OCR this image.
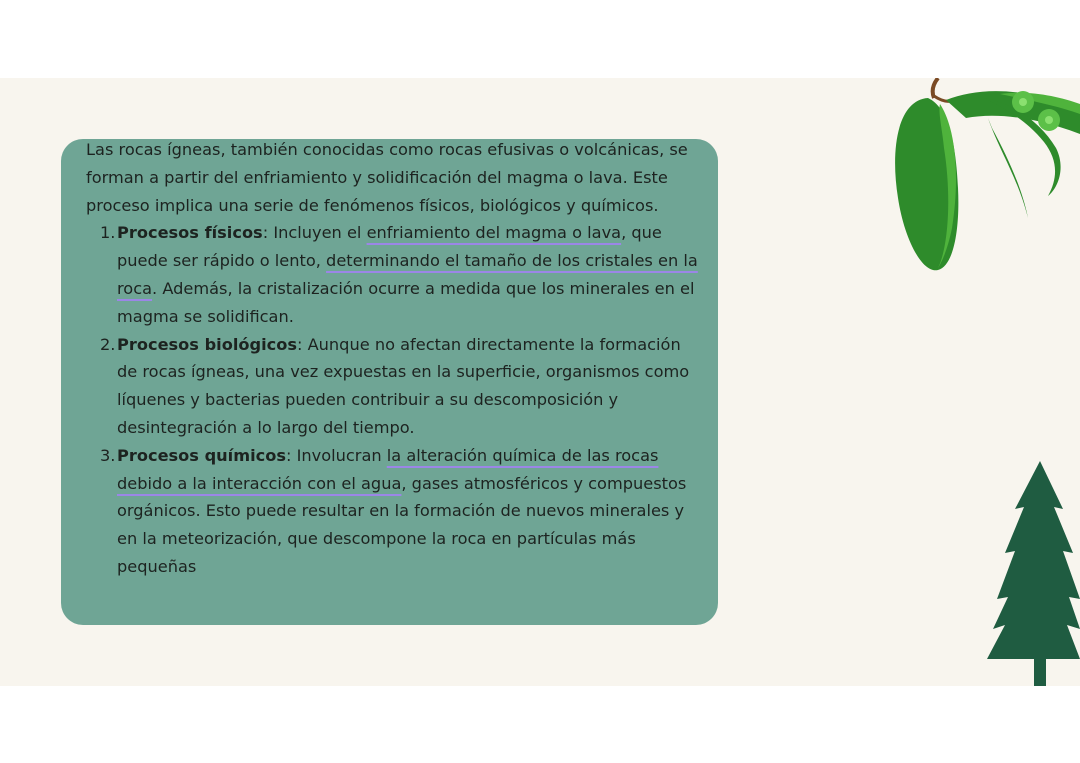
Las rocas ígneas, también conocidas como rocas efusivas o volcánicas, se forman a partir del enfriamiento y solidificación del magma o lava. Este proceso implica una serie de fenómenos físicos, biológicos y químicos.

1. Procesos físicos: Incluyen el enfriamiento del magma o lava, que puede ser rápido o lento, determinando el tamaño de los cristales en la roca. Además, la cristalización ocurre a medida que los minerales en el magma se solidifican.
2. Procesos biológicos: Aunque no afectan directamente la formación de rocas ígneas, una vez expuestas en la superficie, organismos como líquenes y bacterias pueden contribuir a su descomposición y desintegración a lo largo del tiempo.
3. Procesos químicos: Involucran la alteración química de las rocas debido a la interacción con el agua, gases atmosféricos y compuestos orgánicos. Esto puede resultar en la formación de nuevos minerales y en la meteorización, que descompone la roca en partículas más pequeñas
